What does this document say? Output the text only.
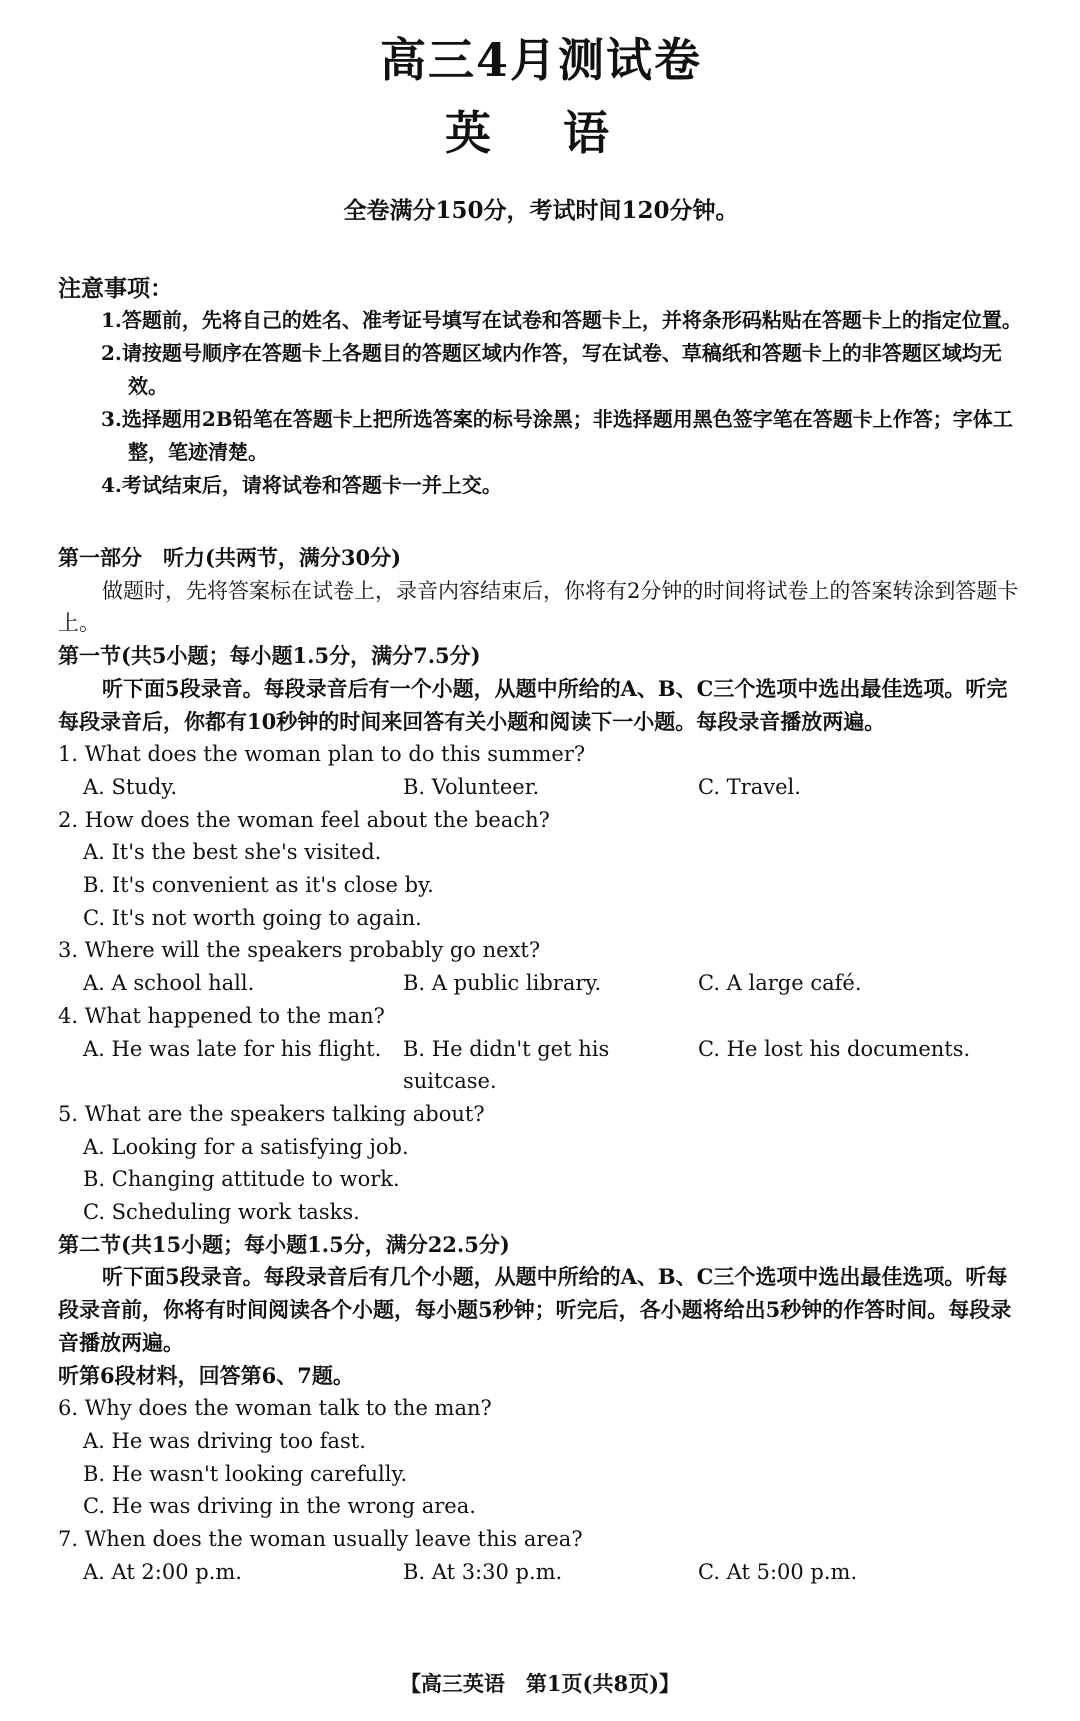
高三4月测试卷
英 语
全卷满分150分，考试时间120分钟。
注意事项：
1.答题前，先将自己的姓名、准考证号填写在试卷和答题卡上，并将条形码粘贴在答题卡上的指定位置。
2.请按题号顺序在答题卡上各题目的答题区域内作答，写在试卷、草稿纸和答题卡上的非答题区域均无效。
3.选择题用2B铅笔在答题卡上把所选答案的标号涂黑；非选择题用黑色签字笔在答题卡上作答；字体工整，笔迹清楚。
4.考试结束后，请将试卷和答题卡一并上交。
第一部分　听力(共两节，满分30分)
做题时，先将答案标在试卷上，录音内容结束后，你将有2分钟的时间将试卷上的答案转涂到答题卡上。
第一节(共5小题；每小题1.5分，满分7.5分)
听下面5段录音。每段录音后有一个小题，从题中所给的A、B、C三个选项中选出最佳选项。听完每段录音后，你都有10秒钟的时间来回答有关小题和阅读下一小题。每段录音播放两遍。
1. What does the woman plan to do this summer?
A. Study.	B. Volunteer.	C. Travel.
2. How does the woman feel about the beach?
A. It's the best she's visited.
B. It's convenient as it's close by.
C. It's not worth going to again.
3. Where will the speakers probably go next?
A. A school hall.	B. A public library.	C. A large café.
4. What happened to the man?
A. He was late for his flight.	B. He didn't get his suitcase.
C. He lost his documents.
5. What are the speakers talking about?
A. Looking for a satisfying job.
B. Changing attitude to work.
C. Scheduling work tasks.
第二节(共15小题；每小题1.5分，满分22.5分)
听下面5段录音。每段录音后有几个小题，从题中所给的A、B、C三个选项中选出最佳选项。听每段录音前，你将有时间阅读各个小题，每小题5秒钟；听完后，各小题将给出5秒钟的作答时间。每段录音播放两遍。
听第6段材料，回答第6、7题。
6. Why does the woman talk to the man?
A. He was driving too fast.
B. He wasn't looking carefully.
C. He was driving in the wrong area.
7. When does the woman usually leave this area?
A. At 2:00 p.m.	B. At 3:30 p.m.	C. At 5:00 p.m.
【高三英语　第1页(共8页)】
